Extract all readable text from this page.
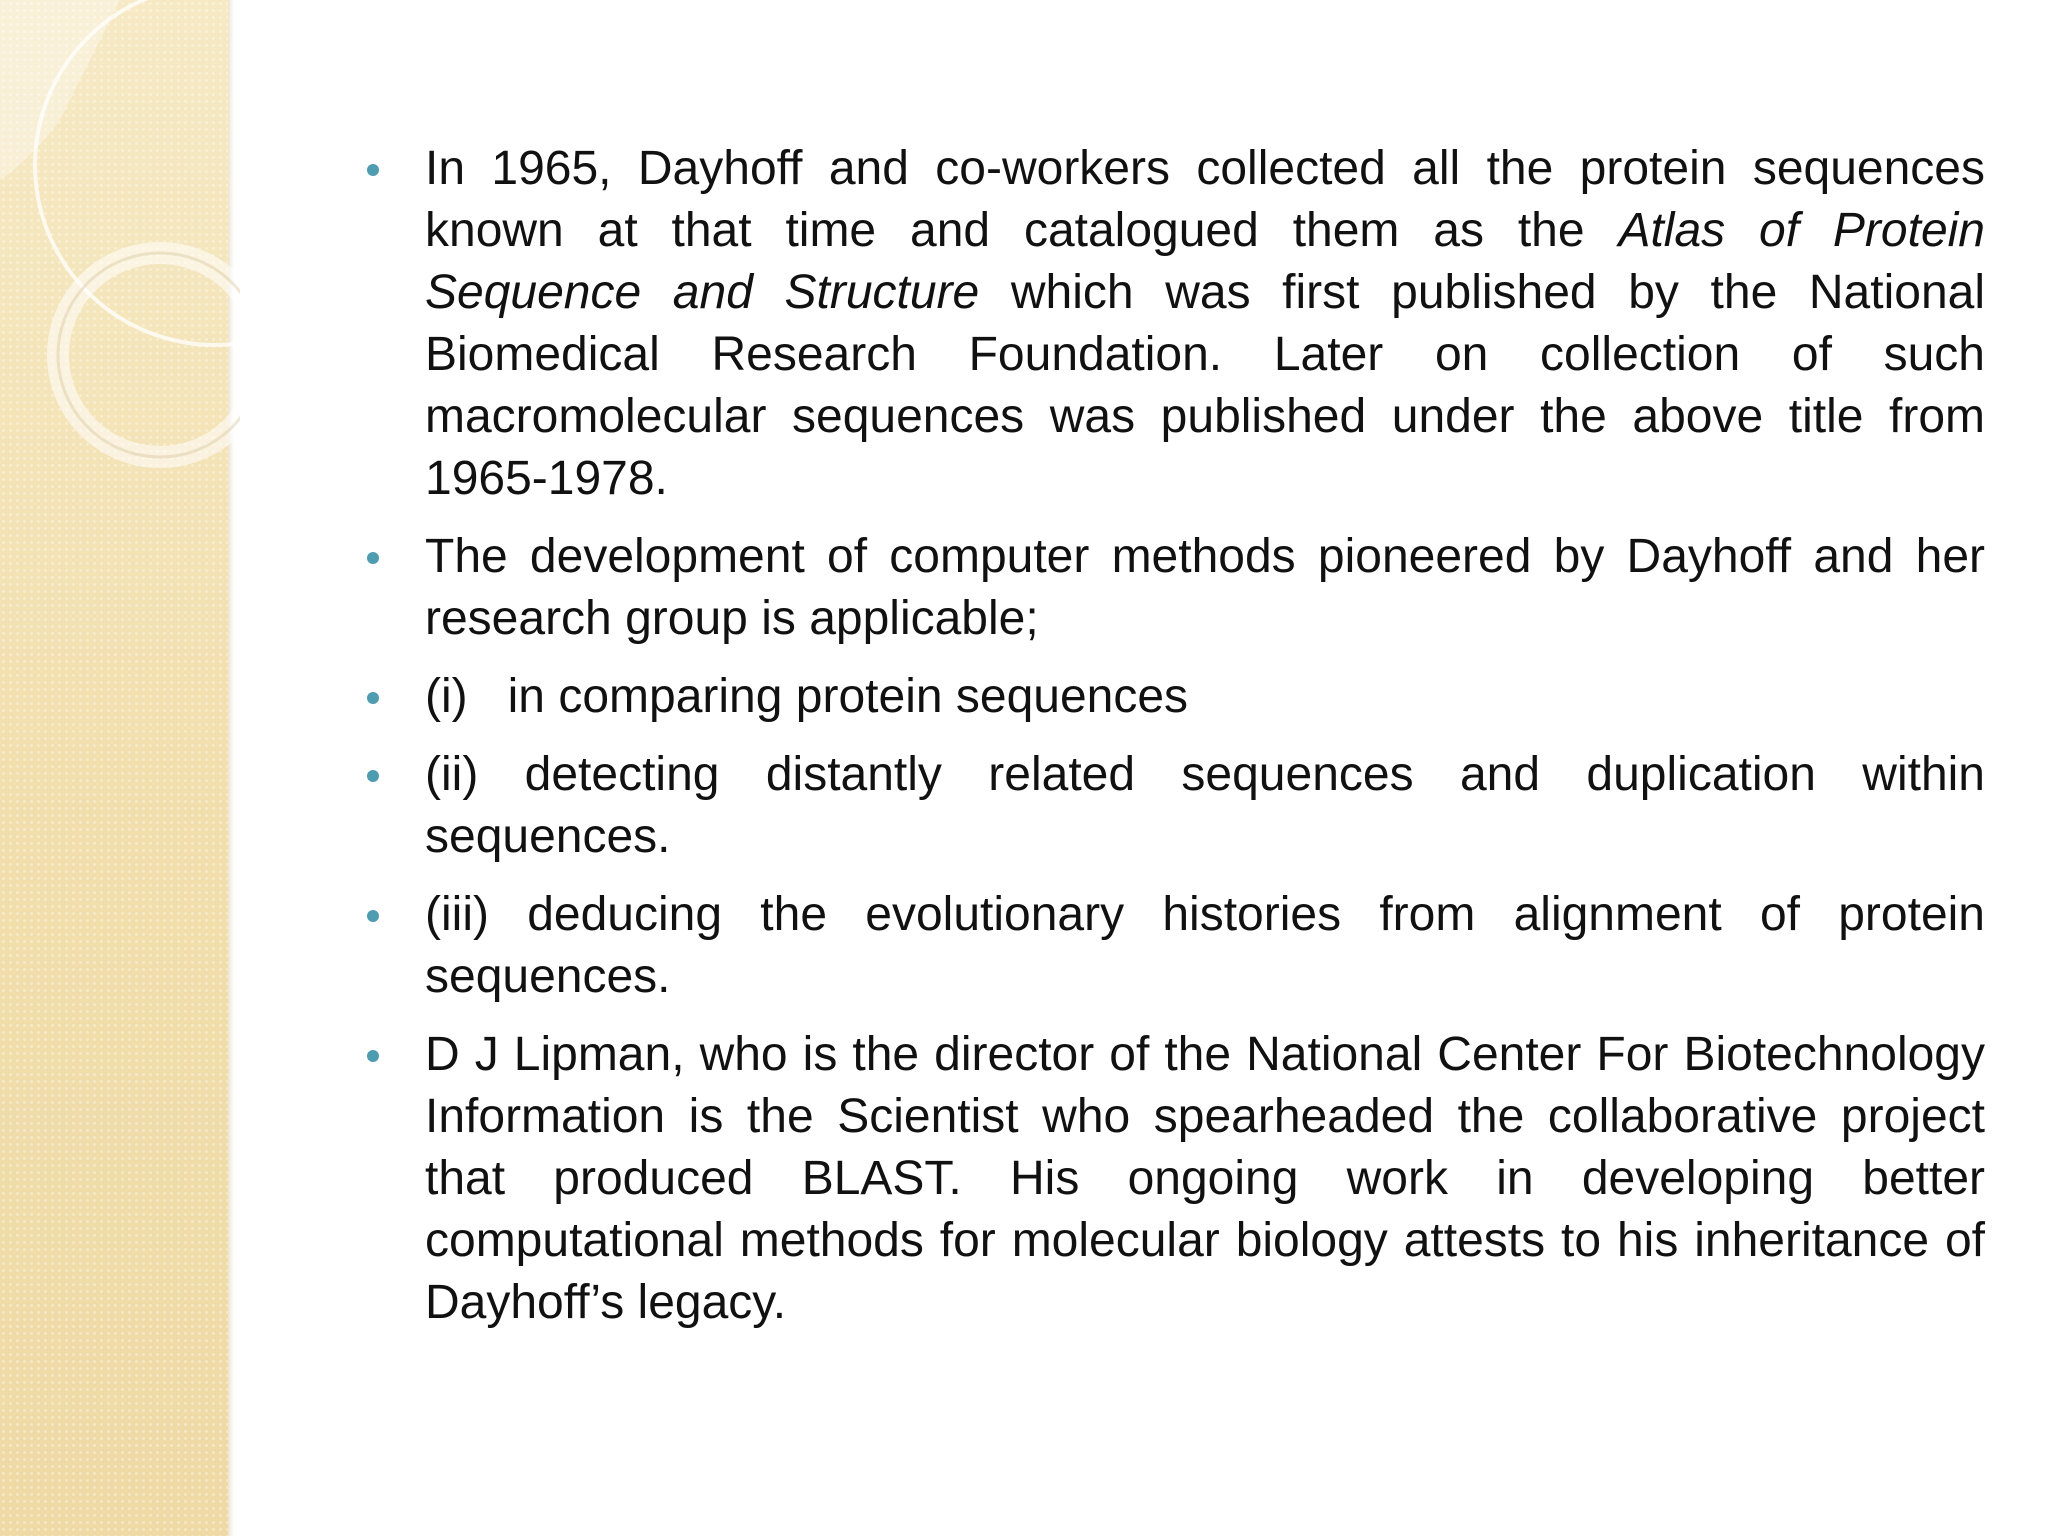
In 1965, Dayhoff and co-workers collected all the protein sequences known at that time and catalogued them as the Atlas of Protein Sequence and Structure which was first published by the National Biomedical Research Foundation. Later on collection of such macromolecular sequences was published under the above title from 1965-1978.
The development of computer methods pioneered by Dayhoff and her research group is applicable;
(i)   in comparing protein sequences
(ii) detecting distantly related sequences and duplication within sequences.
(iii) deducing the evolutionary histories from alignment of protein sequences.
D J Lipman, who is the director of the National Center For Biotechnology Information is the Scientist who spearheaded the collaborative project that produced BLAST. His ongoing work in developing better computational methods for molecular biology attests to his inheritance of Dayhoff’s legacy.
